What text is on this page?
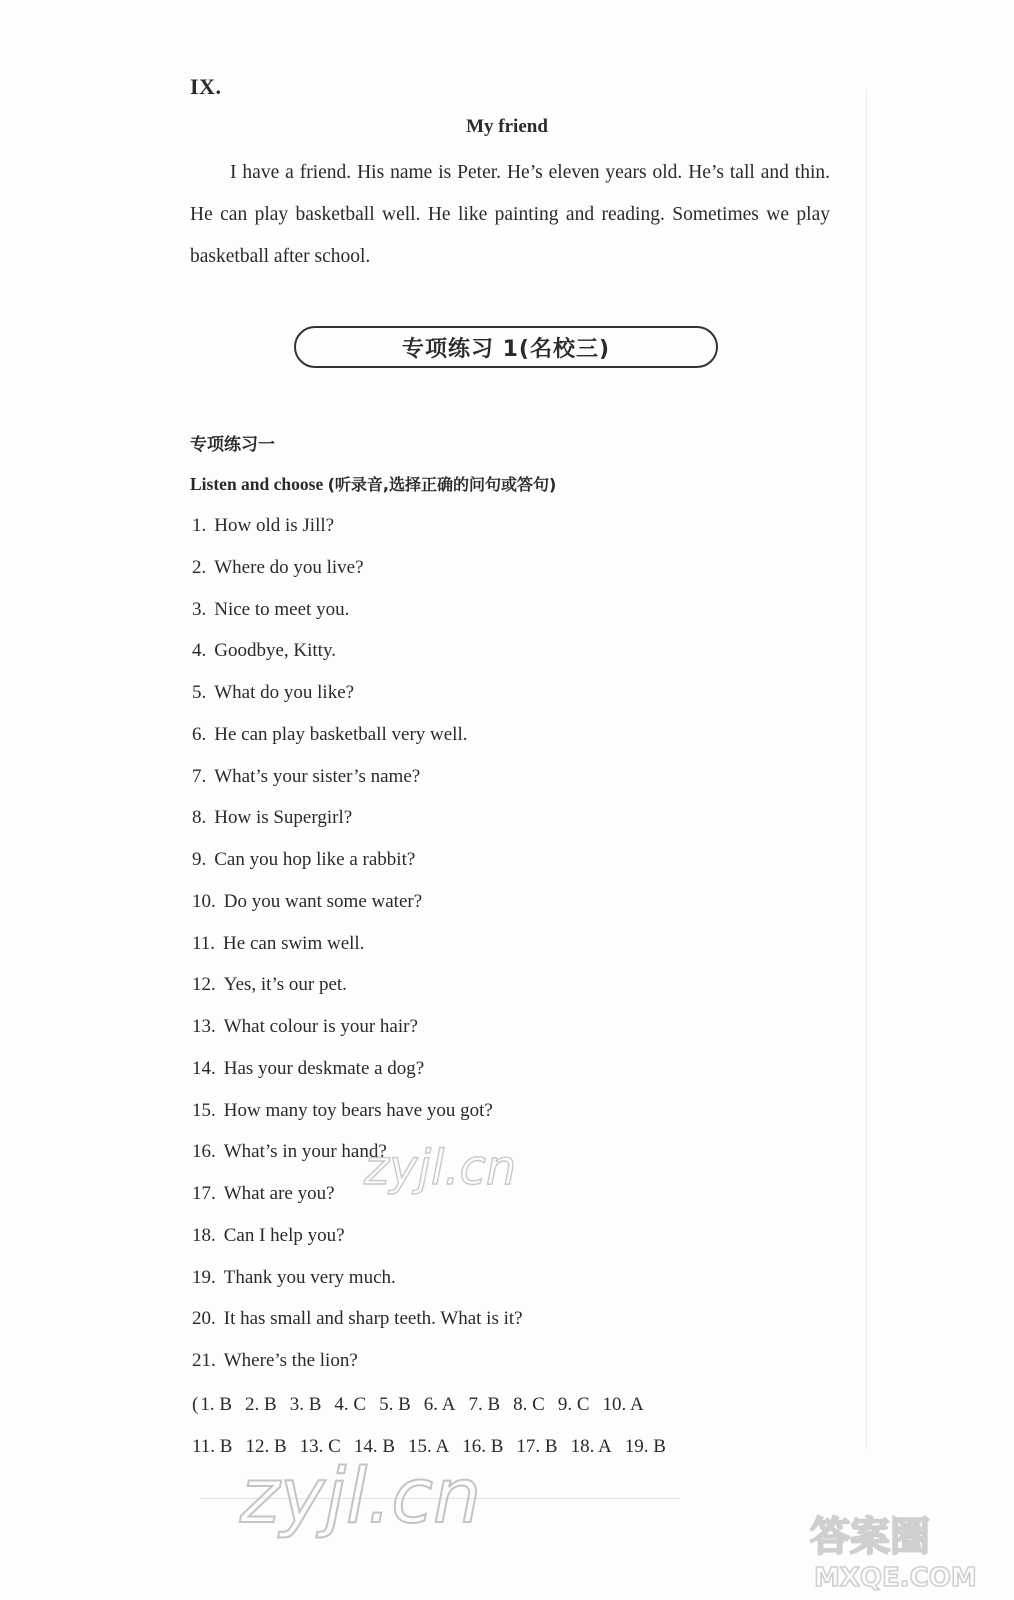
IX.
My friend
I have a friend. His name is Peter. He’s eleven years old. He’s tall and thin. He can play basketball well. He like painting and reading. Sometimes we play basketball after school.
专项练习 1(名校三)
专项练习一
Listen and choose (听录音,选择正确的问句或答句)
1. How old is Jill?
2. Where do you live?
3. Nice to meet you.
4. Goodbye, Kitty.
5. What do you like?
6. He can play basketball very well.
7. What’s your sister’s name?
8. How is Supergirl?
9. Can you hop like a rabbit?
10. Do you want some water?
11. He can swim well.
12. Yes, it’s our pet.
13. What colour is your hair?
14. Has your deskmate a dog?
15. How many toy bears have you got?
16. What’s in your hand?
17. What are you?
18. Can I help you?
19. Thank you very much.
20. It has small and sharp teeth. What is it?
21. Where’s the lion?
( 1. B 2. B 3. B 4. C 5. B 6. A 7. B 8. C 9. C 10. A
11. B 12. B 13. C 14. B 15. A 16. B 17. B 18. A 19. B
zyjl.cn
zyjl.cn	答案圈
MXQE.COM
